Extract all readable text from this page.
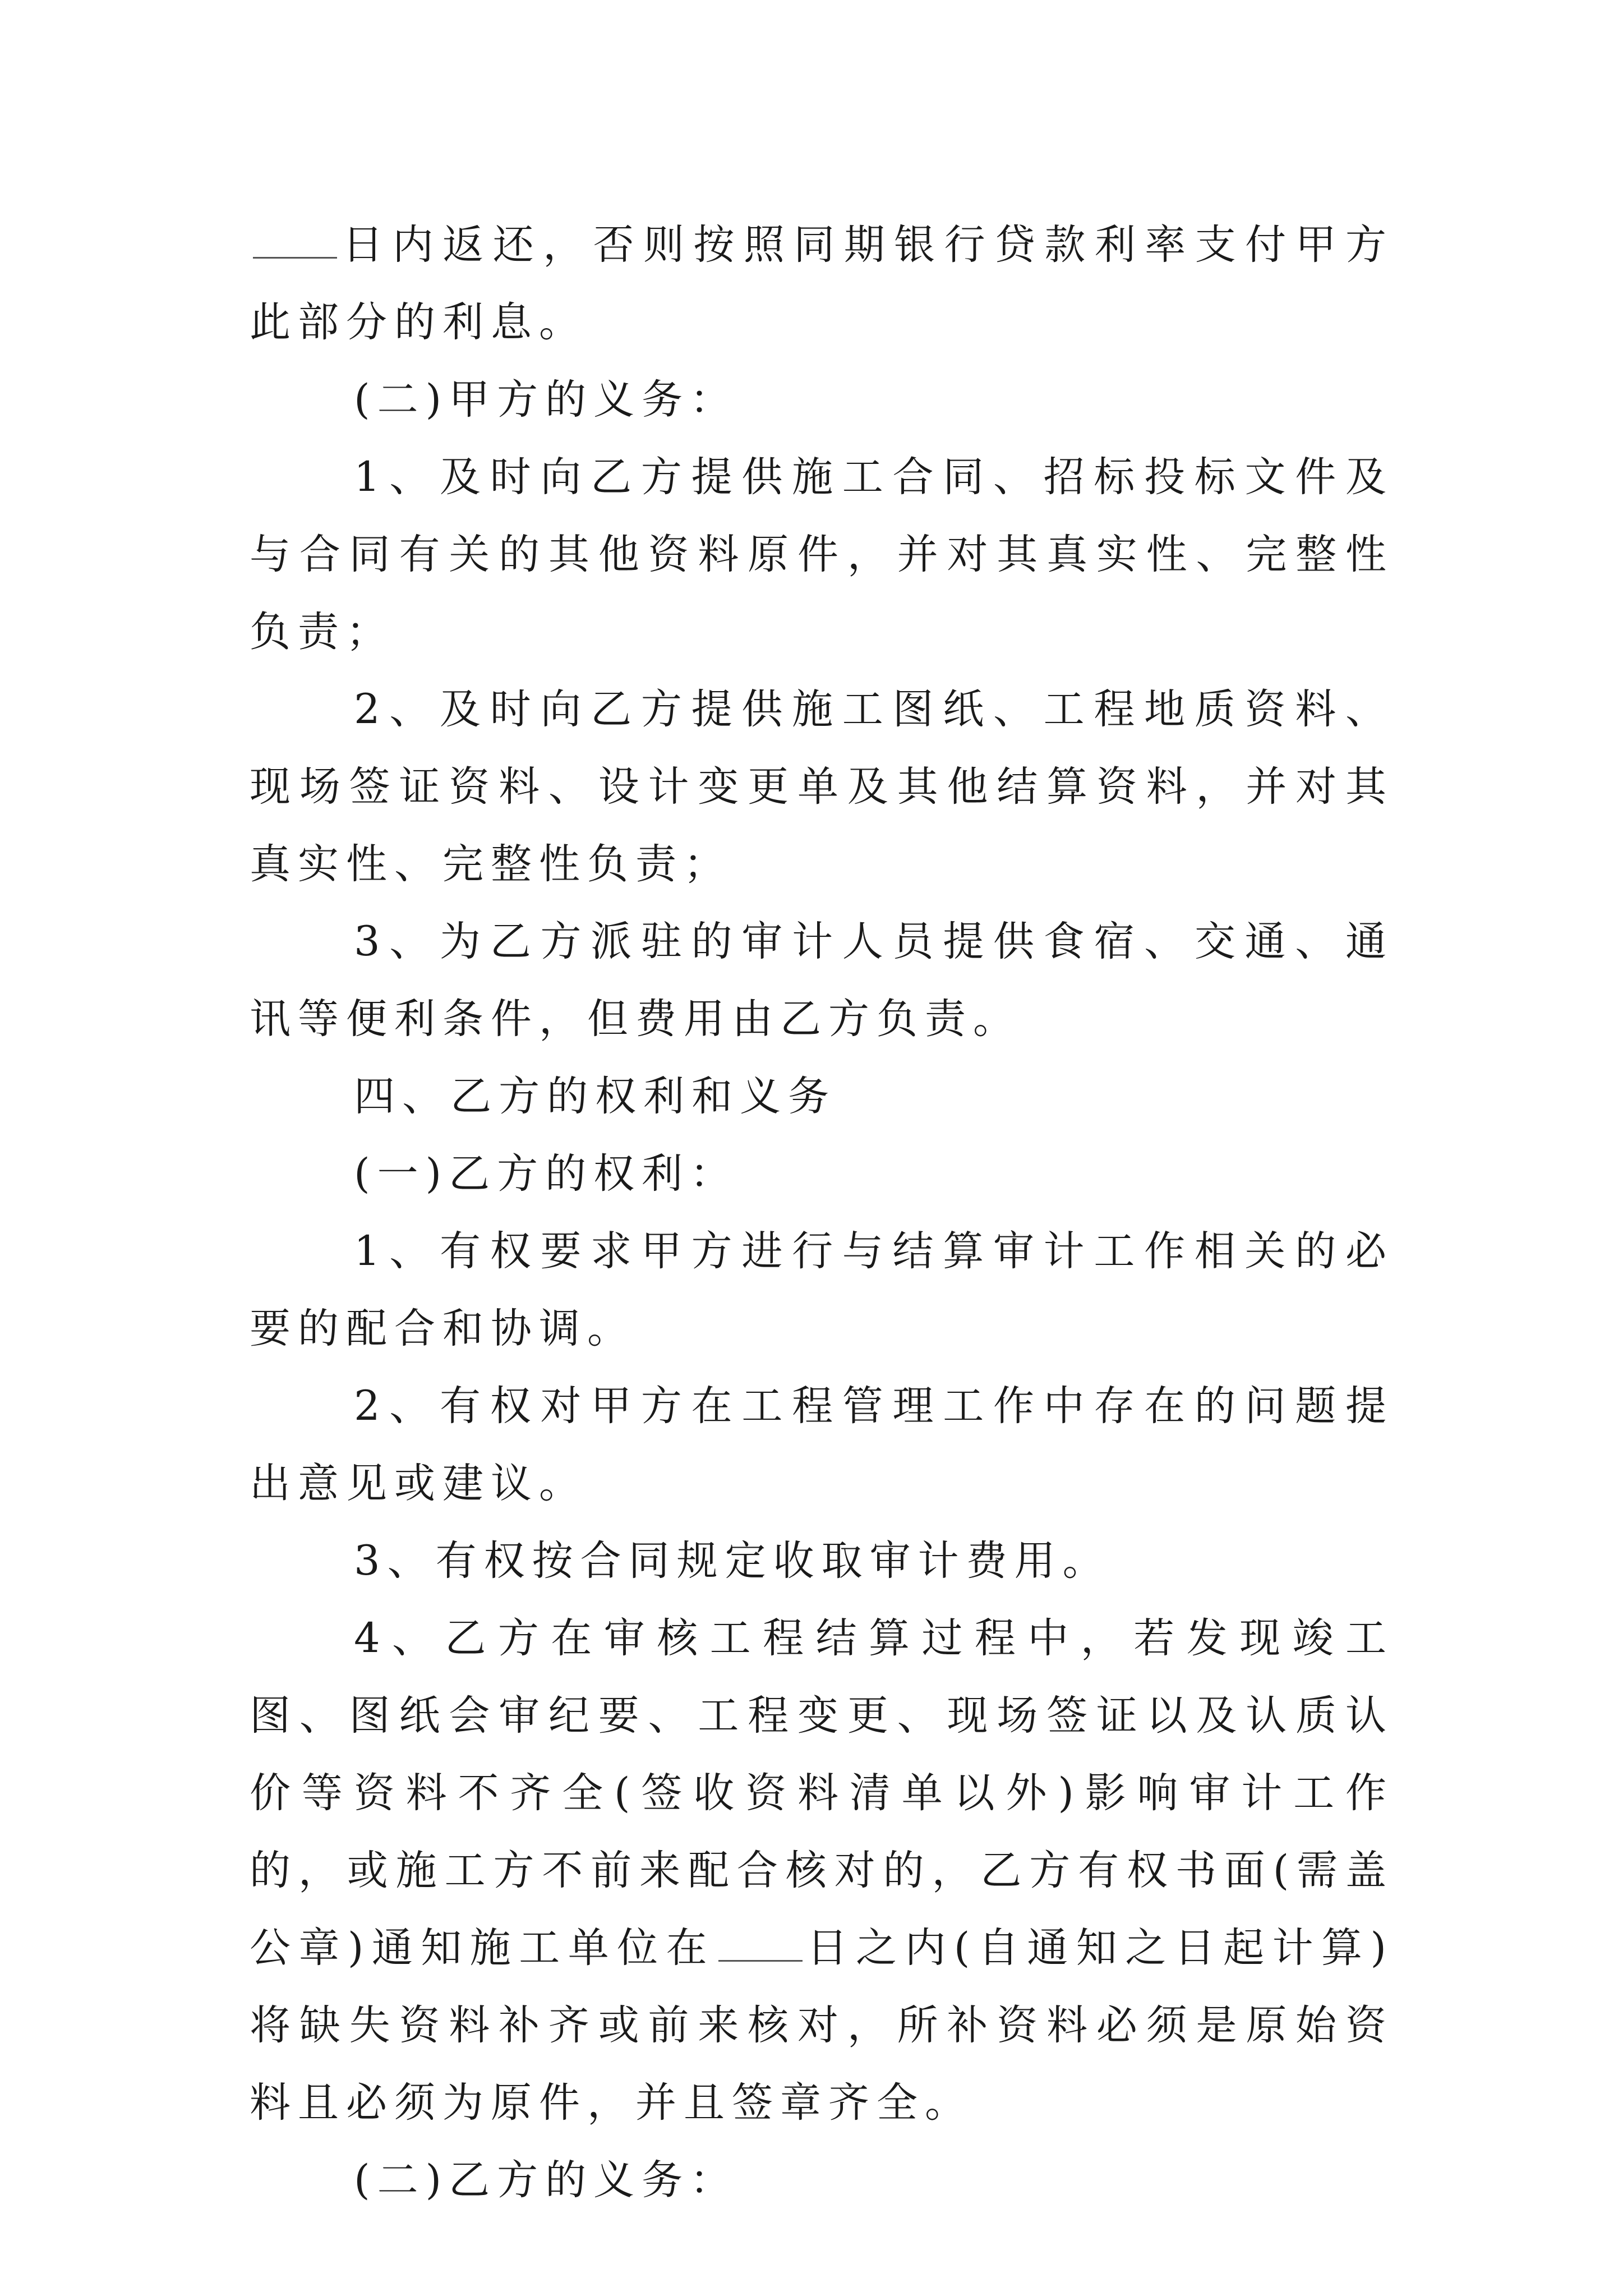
日内返还，否则按照同期银行贷款利率支付甲方此部分的利息。

(二)甲方的义务：

1、及时向乙方提供施工合同、招标投标文件及与合同有关的其他资料原件，并对其真实性、完整性负责；

2、及时向乙方提供施工图纸、工程地质资料、现场签证资料、设计变更单及其他结算资料，并对其真实性、完整性负责；

3、为乙方派驻的审计人员提供食宿、交通、通讯等便利条件，但费用由乙方负责。

四、乙方的权利和义务

(一)乙方的权利：

1、有权要求甲方进行与结算审计工作相关的必要的配合和协调。

2、有权对甲方在工程管理工作中存在的问题提出意见或建议。

3、有权按合同规定收取审计费用。

4、乙方在审核工程结算过程中，若发现竣工图、图纸会审纪要、工程变更、现场签证以及认质认价等资料不齐全(签收资料清单以外)影响审计工作的，或施工方不前来配合核对的，乙方有权书面(需盖公章)通知施工单位在 日之内(自通知之日起计算)将缺失资料补齐或前来核对，所补资料必须是原始资料且必须为原件，并且签章齐全。

(二)乙方的义务：
